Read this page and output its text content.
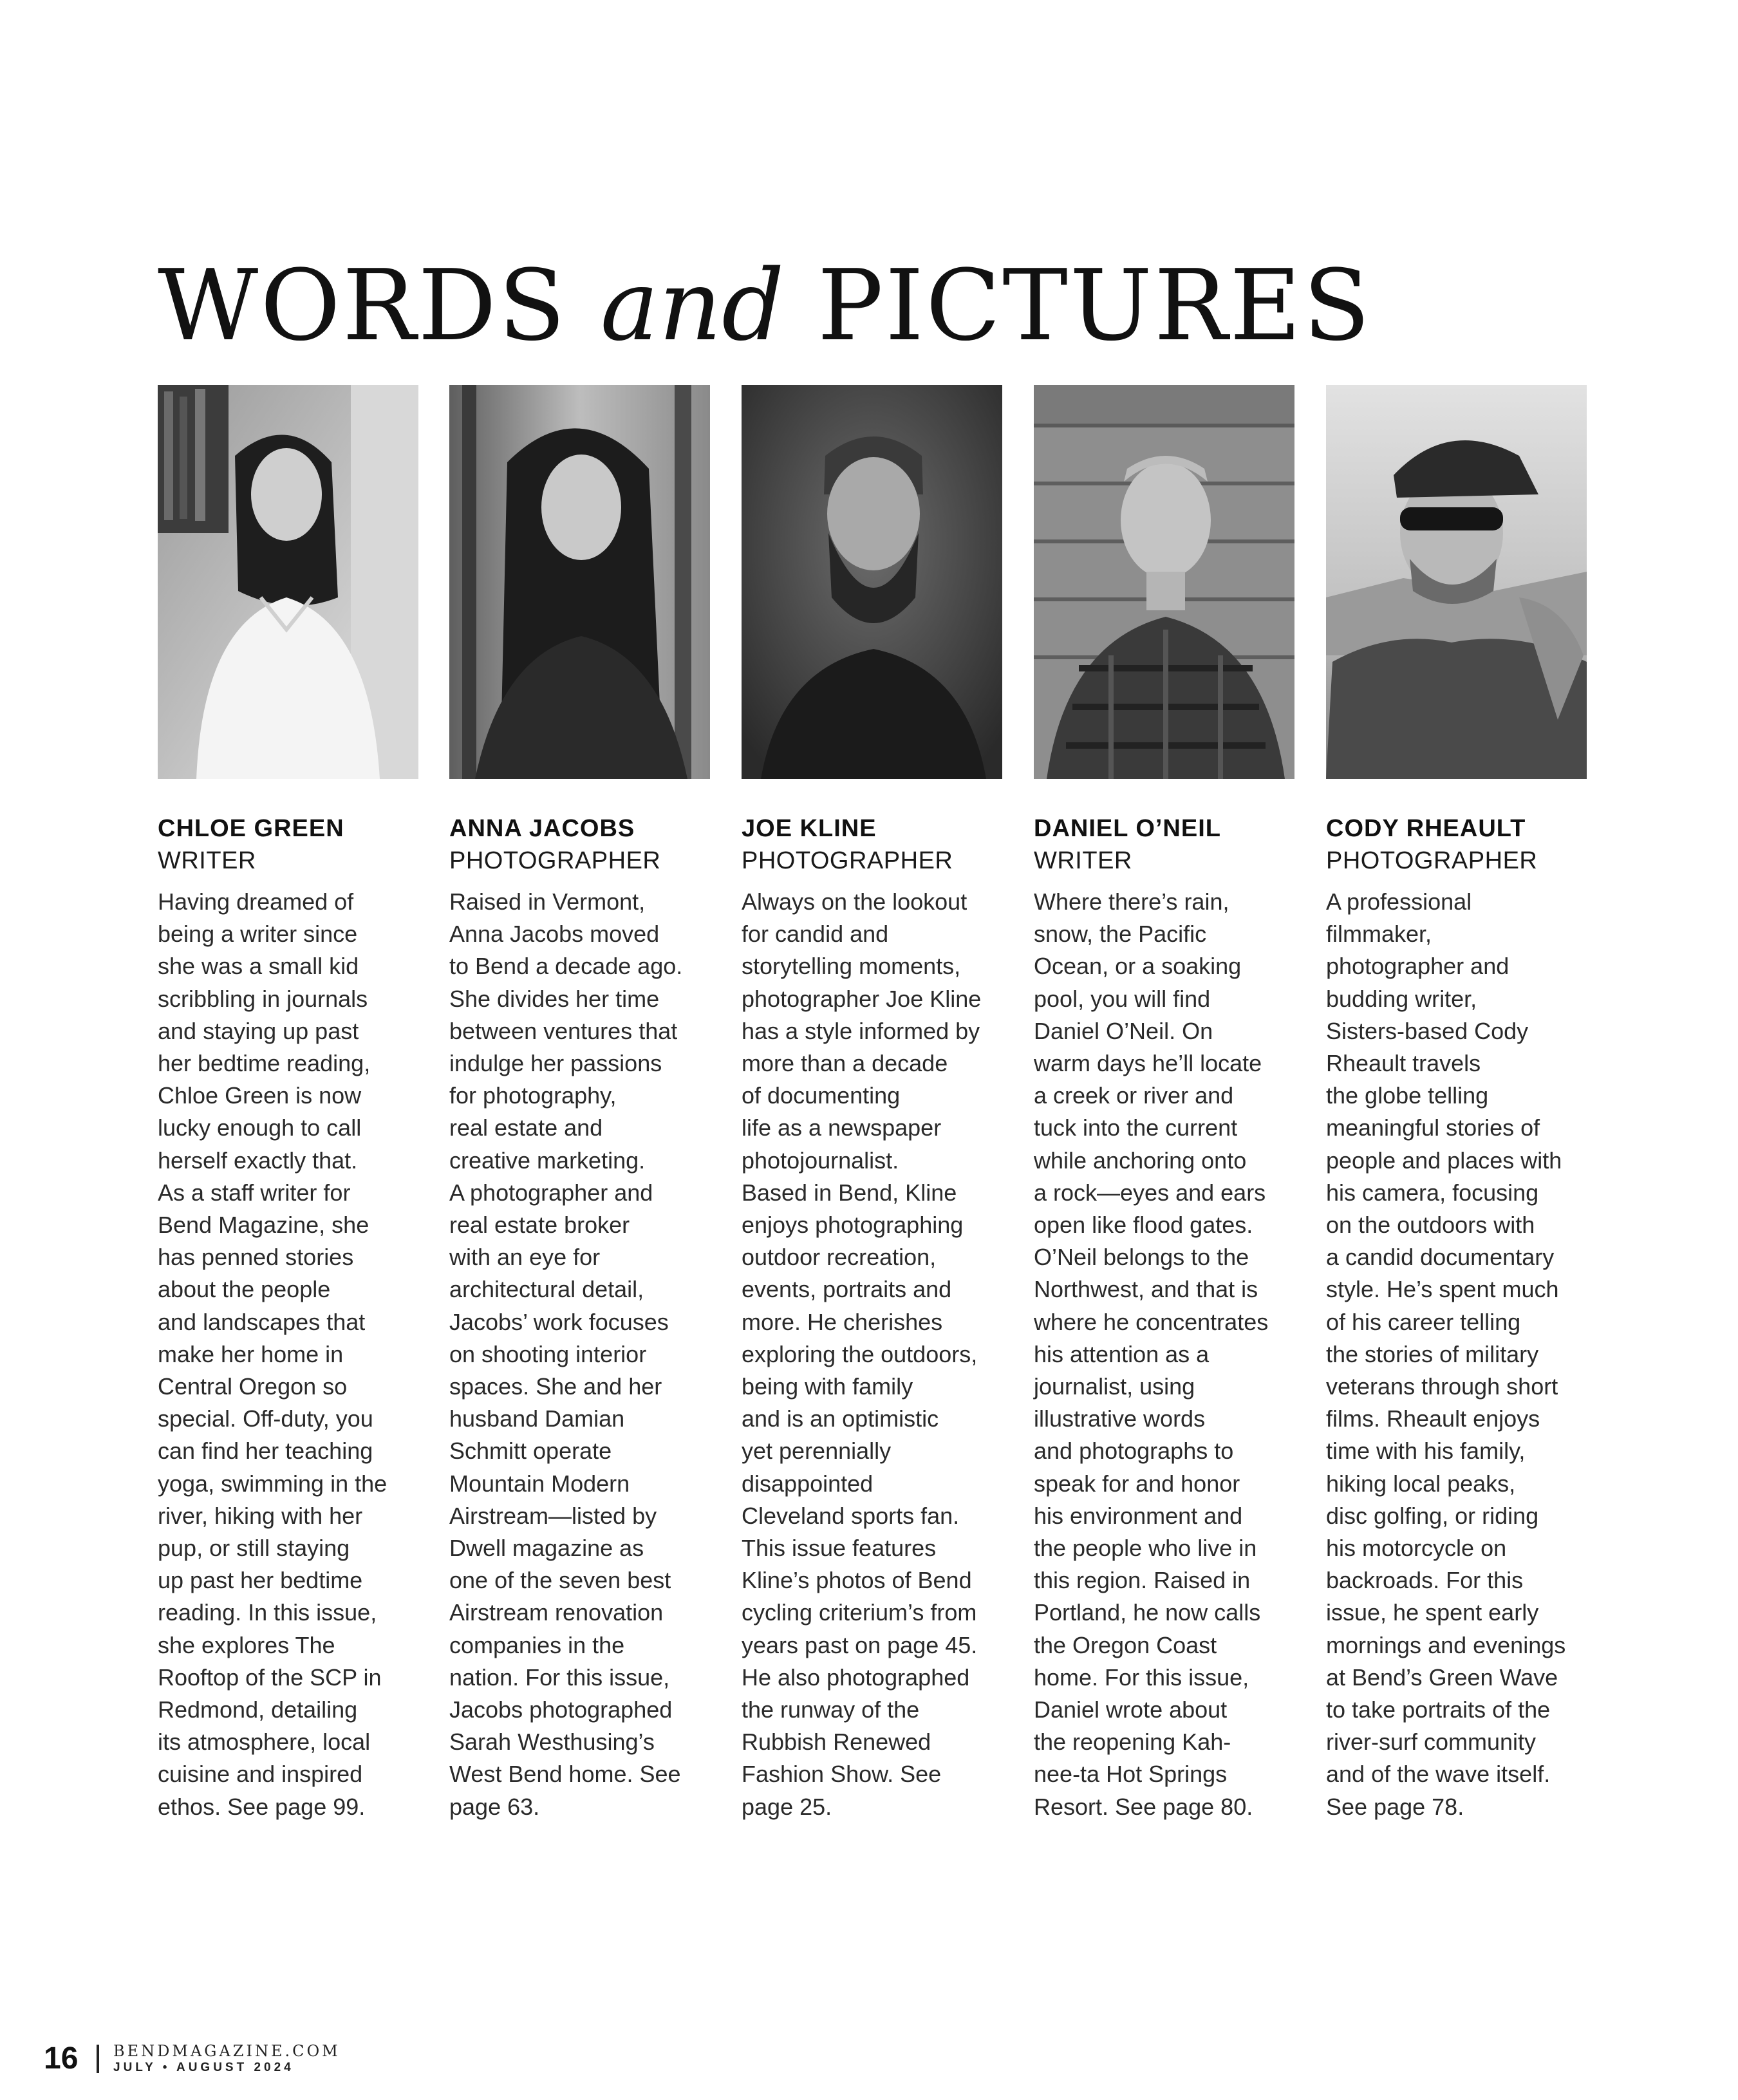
WORDS and PICTURES
CHLOE GREEN
WRITER

Having dreamed of

being a writer since

she was a small kid

scribbling in journals

and staying up past

her bedtime reading,

Chloe Green is now

lucky enough to call

herself exactly that.

As a staff writer for

Bend Magazine, she

has penned stories

about the people

and landscapes that

make her home in

Central Oregon so

special. Off-duty, you

can find her teaching

yoga, swimming in the

river, hiking with her

pup, or still staying

up past her bedtime

reading. In this issue,

she explores The

Rooftop of the SCP in

Redmond, detailing

its atmosphere, local

cuisine and inspired

ethos. See page 99.

ANNA JACOBS
PHOTOGRAPHER

Raised in Vermont,

Anna Jacobs moved

to Bend a decade ago.

She divides her time

between ventures that

indulge her passions

for photography,

real estate and

creative marketing.

A photographer and

real estate broker

with an eye for

architectural detail,

Jacobs’ work focuses

on shooting interior

spaces. She and her

husband Damian

Schmitt operate

Mountain Modern

Airstream—listed by

Dwell magazine as

one of the seven best

Airstream renovation

companies in the

nation. For this issue,

Jacobs photographed

Sarah Westhusing’s

West Bend home. See

page 63.

JOE KLINE
PHOTOGRAPHER

Always on the lookout

for candid and

storytelling moments,

photographer Joe Kline

has a style informed by

more than a decade

of documenting

life as a newspaper

photojournalist.

Based in Bend, Kline

enjoys photographing

outdoor recreation,

events, portraits and

more. He cherishes

exploring the outdoors,

being with family

and is an optimistic

yet perennially

disappointed

Cleveland sports fan.

This issue features

Kline’s photos of Bend

cycling criterium’s from

years past on page 45.

He also photographed

the runway of the

Rubbish Renewed

Fashion Show. See

page 25.

DANIEL O’NEIL
WRITER

Where there’s rain,

snow, the Pacific

Ocean, or a soaking

pool, you will find

Daniel O’Neil. On

warm days he’ll locate

a creek or river and

tuck into the current

while anchoring onto

a rock—eyes and ears

open like flood gates.

O’Neil belongs to the

Northwest, and that is

where he concentrates

his attention as a

journalist, using

illustrative words

and photographs to

speak for and honor

his environment and

the people who live in

this region. Raised in

Portland, he now calls

the Oregon Coast

home. For this issue,

Daniel wrote about

the reopening Kah-

nee-ta Hot Springs

Resort. See page 80.

CODY RHEAULT
PHOTOGRAPHER

A professional

filmmaker,

photographer and

budding writer,

Sisters-based Cody

Rheault travels

the globe telling

meaningful stories of

people and places with

his camera, focusing

on the outdoors with

a candid documentary

style. He’s spent much

of his career telling

the stories of military

veterans through short

films. Rheault enjoys

time with his family,

hiking local peaks,

disc golfing, or riding

his motorcycle on

backroads. For this

issue, he spent early

mornings and evenings

at Bend’s Green Wave

to take portraits of the

river-surf community

and of the wave itself.

See page 78.

16 BENDMAGAZINE.COM
JULY • AUGUST 2024
